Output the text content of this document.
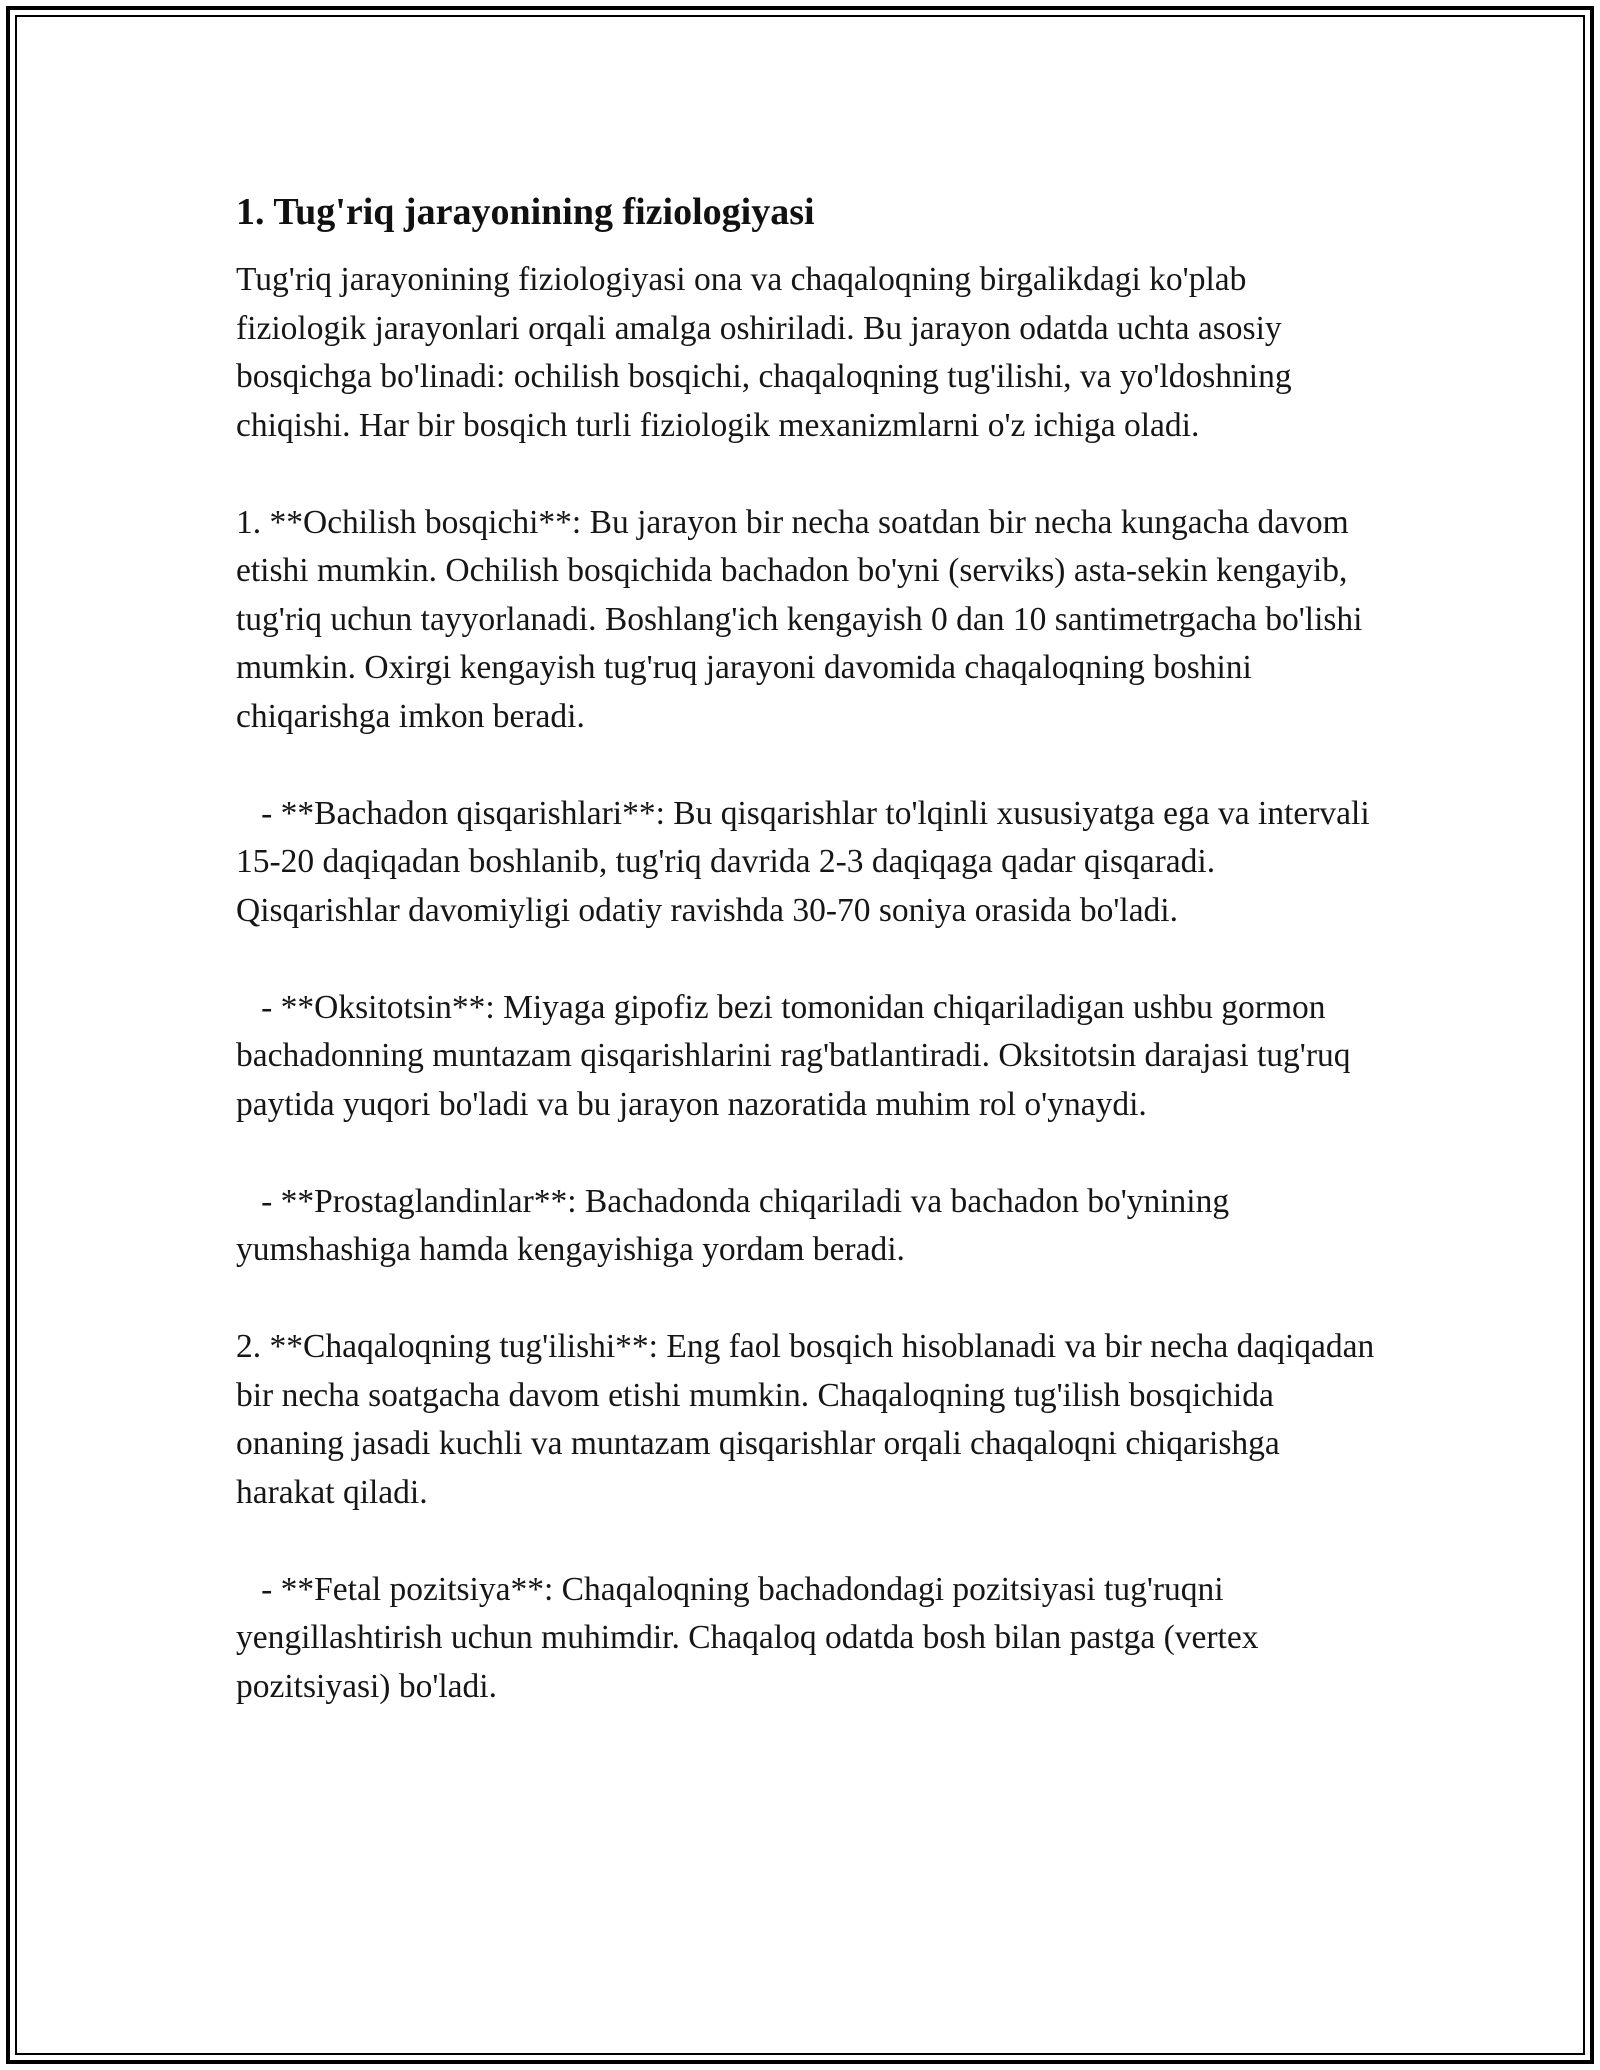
1. Tug'riq jarayonining fiziologiyasi

Tug'riq jarayonining fiziologiyasi ona va chaqaloqning birgalikdagi ko'plab fiziologik jarayonlari orqali amalga oshiriladi. Bu jarayon odatda uchta asosiy bosqichga bo'linadi: ochilish bosqichi, chaqaloqning tug'ilishi, va yo'ldoshning chiqishi. Har bir bosqich turli fiziologik mexanizmlarni o'z ichiga oladi.

1. **Ochilish bosqichi**: Bu jarayon bir necha soatdan bir necha kungacha davom etishi mumkin. Ochilish bosqichida bachadon bo'yni (serviks) asta-sekin kengayib, tug'riq uchun tayyorlanadi. Boshlang'ich kengayish 0 dan 10 santimetrgacha bo'lishi mumkin. Oxirgi kengayish tug'ruq jarayoni davomida chaqaloqning boshini chiqarishga imkon beradi.

- **Bachadon qisqarishlari**: Bu qisqarishlar to'lqinli xususiyatga ega va intervali 15-20 daqiqadan boshlanib, tug'riq davrida 2-3 daqiqaga qadar qisqaradi. Qisqarishlar davomiyligi odatiy ravishda 30-70 soniya orasida bo'ladi.

- **Oksitotsin**: Miyaga gipofiz bezi tomonidan chiqariladigan ushbu gormon bachadonning muntazam qisqarishlarini rag'batlantiradi. Oksitotsin darajasi tug'ruq paytida yuqori bo'ladi va bu jarayon nazoratida muhim rol o'ynaydi.

- **Prostaglandinlar**: Bachadonda chiqariladi va bachadon bo'ynining yumshashiga hamda kengayishiga yordam beradi.

2. **Chaqaloqning tug'ilishi**: Eng faol bosqich hisoblanadi va bir necha daqiqadan bir necha soatgacha davom etishi mumkin. Chaqaloqning tug'ilish bosqichida onaning jasadi kuchli va muntazam qisqarishlar orqali chaqaloqni chiqarishga harakat qiladi.

- **Fetal pozitsiya**: Chaqaloqning bachadondagi pozitsiyasi tug'ruqni yengillashtirish uchun muhimdir. Chaqaloq odatda bosh bilan pastga (vertex pozitsiyasi) bo'ladi.
